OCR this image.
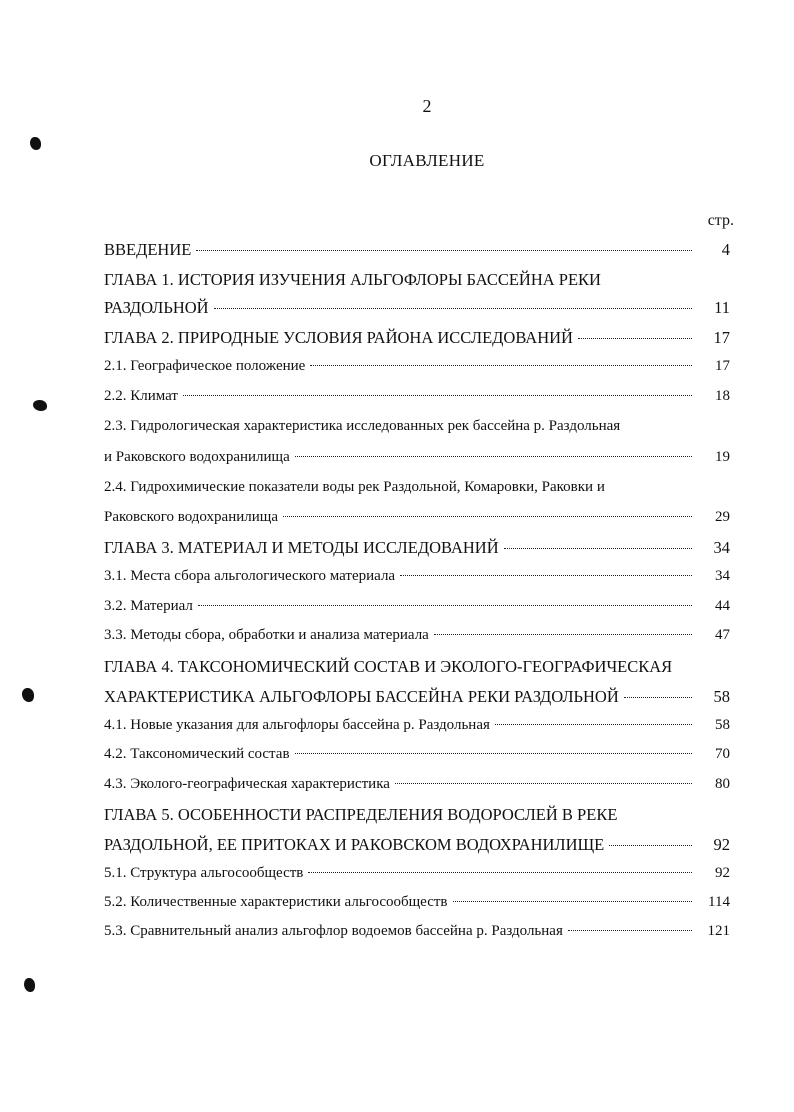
2
ОГЛАВЛЕНИЕ
стр.
ВВЕДЕНИЕ	4
ГЛАВА 1. ИСТОРИЯ ИЗУЧЕНИЯ АЛЬГОФЛОРЫ БАССЕЙНА РЕКИ
РАЗДОЛЬНОЙ	11
ГЛАВА 2. ПРИРОДНЫЕ УСЛОВИЯ РАЙОНА ИССЛЕДОВАНИЙ	17
2.1. Географическое положение	17
2.2. Климат	18
2.3. Гидрологическая характеристика исследованных рек бассейна р. Раздольная
и Раковского водохранилища	19
2.4. Гидрохимические показатели воды рек Раздольной, Комаровки, Раковки и
Раковского водохранилища	29
ГЛАВА 3. МАТЕРИАЛ И МЕТОДЫ ИССЛЕДОВАНИЙ	34
3.1. Места сбора альгологического материала	34
3.2. Материал	44
3.3. Методы сбора, обработки и анализа материала	47
ГЛАВА 4. ТАКСОНОМИЧЕСКИЙ СОСТАВ И ЭКОЛОГО-ГЕОГРАФИЧЕСКАЯ
ХАРАКТЕРИСТИКА АЛЬГОФЛОРЫ БАССЕЙНА РЕКИ РАЗДОЛЬНОЙ	58
4.1. Новые указания для альгофлоры бассейна р. Раздольная	58
4.2. Таксономический состав	70
4.3. Эколого-географическая характеристика	80
ГЛАВА 5. ОСОБЕННОСТИ РАСПРЕДЕЛЕНИЯ ВОДОРОСЛЕЙ В РЕКЕ
РАЗДОЛЬНОЙ, ЕЕ ПРИТОКАХ И РАКОВСКОМ ВОДОХРАНИЛИЩЕ	92
5.1. Структура альгосообществ	92
5.2. Количественные характеристики альгосообществ	114
5.3. Сравнительный анализ альгофлор водоемов бассейна р. Раздольная	121
